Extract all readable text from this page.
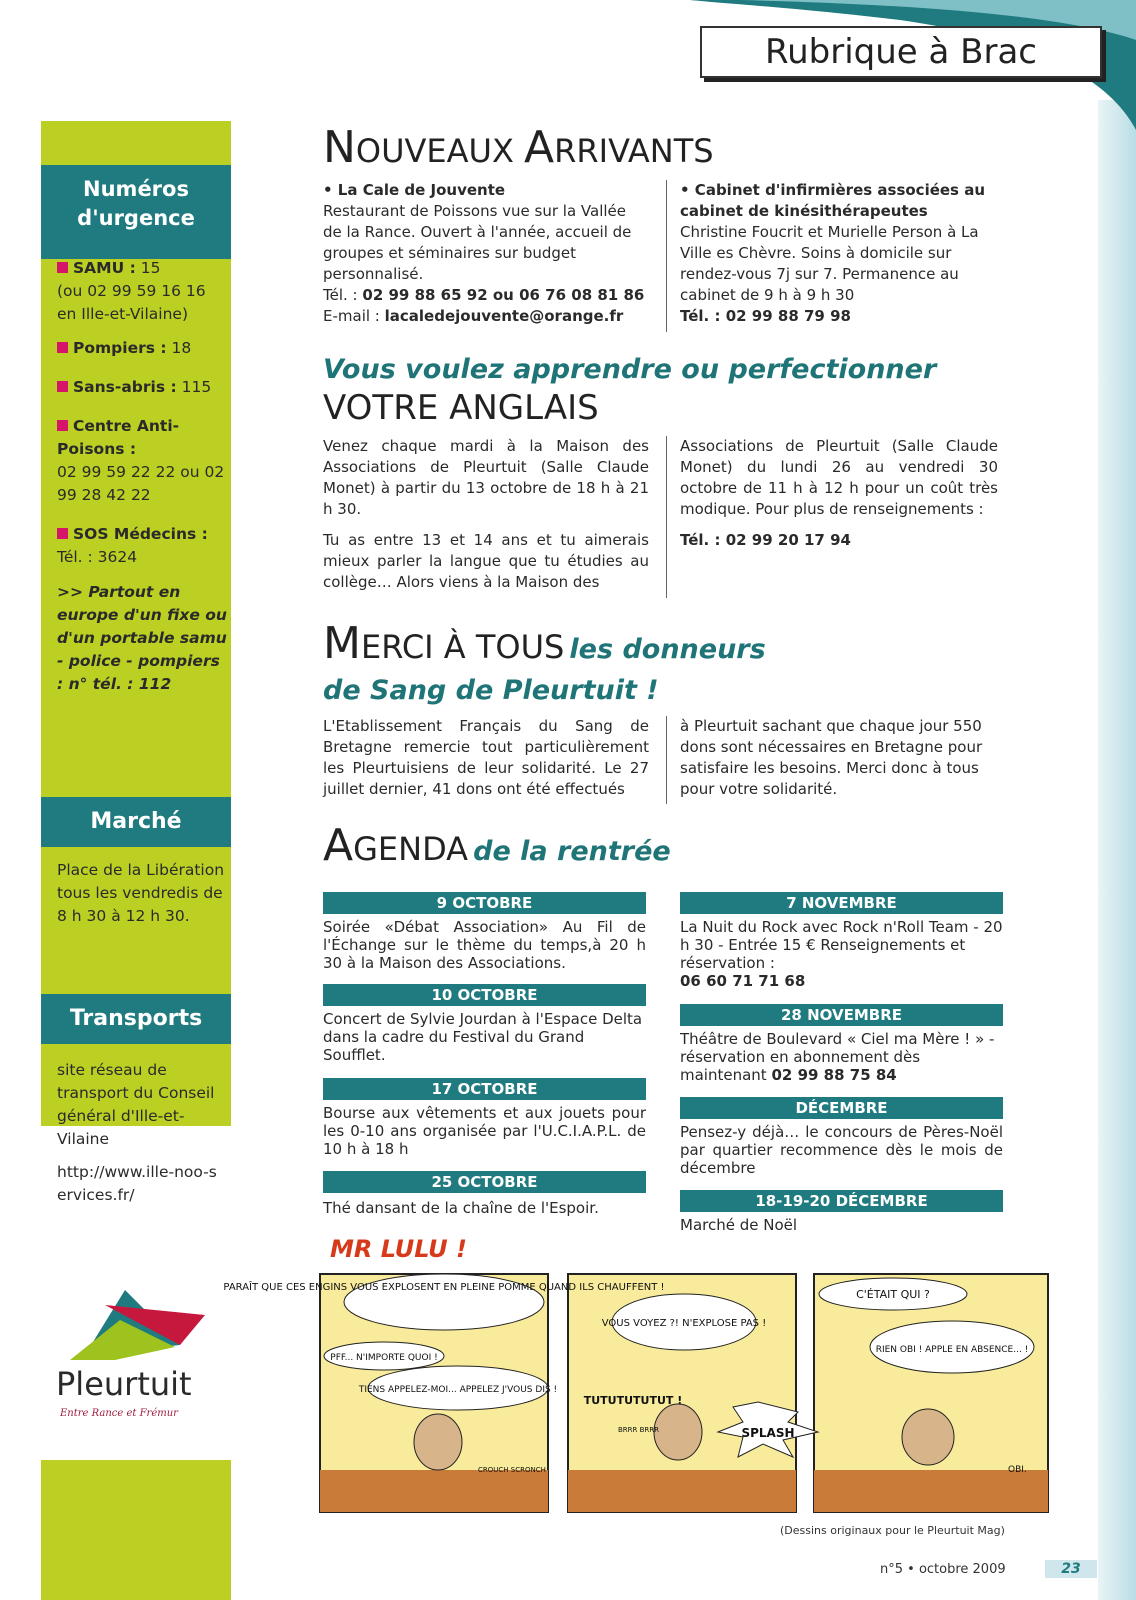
Rubrique à Brac
Numéros d'urgence
SAMU : 15
(ou 02 99 59 16 16 en Ille-et-Vilaine)
Pompiers : 18
Sans-abris : 115
Centre Anti-Poisons :
02 99 59 22 22 ou 02 99 28 42 22
SOS Médecins :
Tél. : 3624
>> Partout en europe d'un fixe ou d'un portable samu - police - pompiers : n° tél. : 112
Marché
Place de la Libération tous les vendredis de 8 h 30 à 12 h 30.
Transports
site réseau de transport du Conseil général d'Ille-et-Vilaine
http://www.ille-noo-services.fr/
Pleurtuit
Entre Rance et Frémur
NOUVEAUX ARRIVANTS
• La Cale de Jouvente
Restaurant de Poissons vue sur la Vallée de la Rance. Ouvert à l'année, accueil de groupes et séminaires sur budget personnalisé.
Tél. : 02 99 88 65 92 ou 06 76 08 81 86
E-mail : lacaledejouvente@orange.fr
• Cabinet d'infirmières associées au cabinet de kinésithérapeutes
Christine Foucrit et Murielle Person à La Ville es Chèvre. Soins à domicile sur rendez-vous 7j sur 7. Permanence au cabinet de 9 h à 9 h 30
Tél. : 02 99 88 79 98
Vous voulez apprendre ou perfectionner
VOTRE ANGLAIS
Venez chaque mardi à la Maison des Associations de Pleurtuit (Salle Claude Monet) à partir du 13 octobre de 18 h à 21 h 30.
Tu as entre 13 et 14 ans et tu aimerais mieux parler la langue que tu étudies au collège… Alors viens à la Maison des
Associations de Pleurtuit (Salle Claude Monet) du lundi 26 au vendredi 30 octobre de 11 h à 12 h pour un coût très modique. Pour plus de renseignements :
Tél. : 02 99 20 17 94
MERCI À TOUS les donneurs
de Sang de Pleurtuit !
L'Etablissement Français du Sang de Bretagne remercie tout particulièrement les Pleurtuisiens de leur solidarité. Le 27 juillet dernier, 41 dons ont été effectués
à Pleurtuit sachant que chaque jour 550 dons sont nécessaires en Bretagne pour satisfaire les besoins. Merci donc à tous pour votre solidarité.
AGENDA de la rentrée
9 OCTOBRE
Soirée «Débat Association» Au Fil de l'Échange sur le thème du temps,à 20 h 30 à la Maison des Associations.
10 OCTOBRE
Concert de Sylvie Jourdan à l'Espace Delta dans la cadre du Festival du Grand Soufflet.
17 OCTOBRE
Bourse aux vêtements et aux jouets pour les 0-10 ans organisée par l'U.C.I.A.P.L. de 10 h à 18 h
25 OCTOBRE
Thé dansant de la chaîne de l'Espoir.
7 NOVEMBRE
La Nuit du Rock avec Rock n'Roll Team - 20 h 30 - Entrée 15 € Renseignements et réservation :
06 60 71 71 68
28 NOVEMBRE
Théâtre de Boulevard « Ciel ma Mère ! » - réservation en abonnement dès maintenant 02 99 88 75 84
DÉCEMBRE
Pensez-y déjà… le concours de Pères-Noël par quartier recommence dès le mois de décembre
18-19-20 DÉCEMBRE
Marché de Noël
MR LULU !
PARAÎT QUE CES ENGINS VOUS EXPLOSENT EN PLEINE POMME QUAND ILS CHAUFFENT !
PFF... N'IMPORTE QUOI !
TIENS APPELEZ-MOI... APPELEZ J'VOUS DIS !
VOUS VOYEZ ?! N'EXPLOSE PAS !
TUTUTUTUTUT !
SPLASH
C'ÉTAIT QUI ?
RIEN OBI ! APPLE EN ABSENCE... !
CROUCH SCRONCH
BRRR BRRR
OBI.
(Dessins originaux pour le Pleurtuit Mag)
n°5 • octobre 2009	23
